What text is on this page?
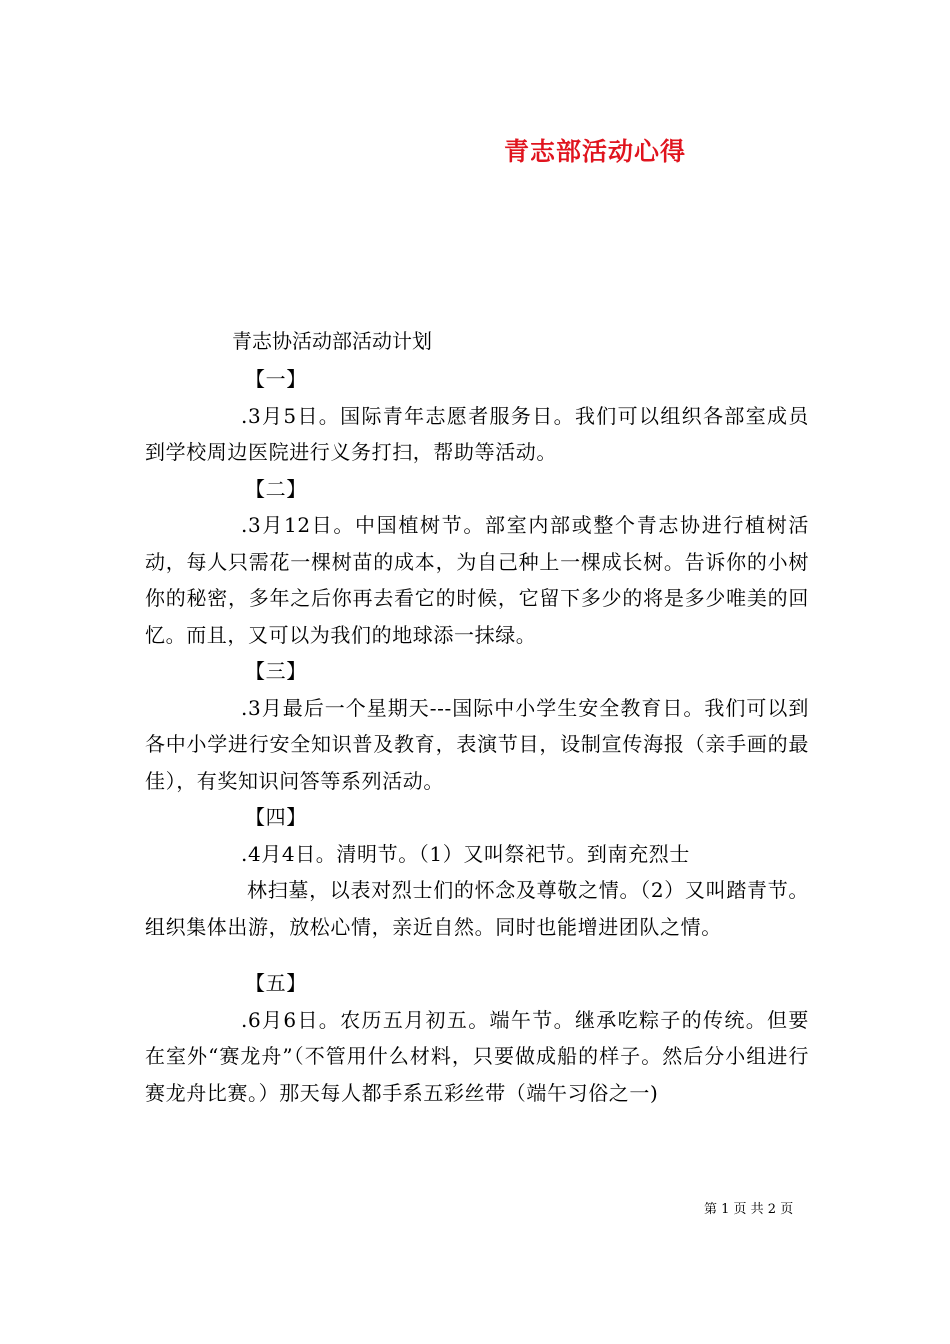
青志部活动心得
青志协活动部活动计划

【一】

.3月5日。国际青年志愿者服务日。我们可以组织各部室成员到学校周边医院进行义务打扫，帮助等活动。

【二】

.3月12日。中国植树节。部室内部或整个青志协进行植树活动，每人只需花一棵树苗的成本，为自己种上一棵成长树。告诉你的小树你的秘密，多年之后你再去看它的时候，它留下多少的将是多少唯美的回忆。而且，又可以为我们的地球添一抹绿。

【三】

.3月最后一个星期天---国际中小学生安全教育日。我们可以到各中小学进行安全知识普及教育，表演节目，设制宣传海报（亲手画的最佳），有奖知识问答等系列活动。

【四】

.4月4日。清明节。（1）又叫祭祀节。到南充烈士

林扫墓，以表对烈士们的怀念及尊敬之情。（2）又叫踏青节。组织集体出游，放松心情，亲近自然。同时也能增进团队之情。

【五】

.6月6日。农历五月初五。端午节。继承吃粽子的传统。但要在室外“赛龙舟”（不管用什么材料，只要做成船的样子。然后分小组进行赛龙舟比赛。）那天每人都手系五彩丝带（端午习俗之一)

第 1 页 共 2 页
